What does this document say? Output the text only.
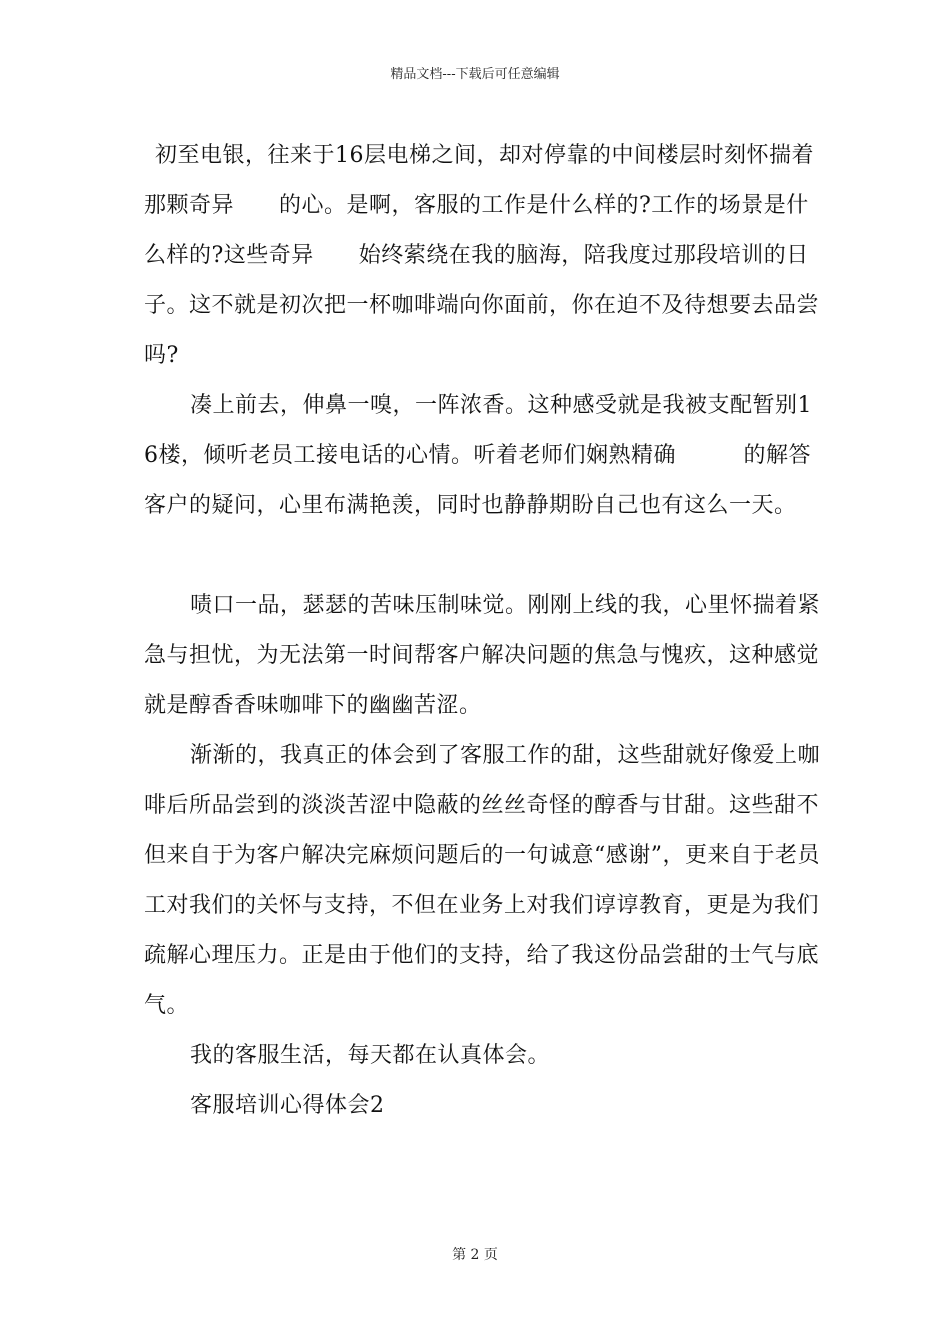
精品文档---下载后可任意编辑

初至电银，往来于16层电梯之间，却对停靠的中间楼层时刻怀揣着那颗奇异　　的心。是啊，客服的工作是什么样的?工作的场景是什么样的?这些奇异　　始终萦绕在我的脑海，陪我度过那段培训的日子。这不就是初次把一杯咖啡端向你面前，你在迫不及待想要去品尝吗?

凑上前去，伸鼻一嗅，一阵浓香。这种感受就是我被支配暂别16楼，倾听老员工接电话的心情。听着老师们娴熟精确　　　的解答客户的疑问，心里布满艳羡，同时也静静期盼自己也有这么一天。

啧口一品，瑟瑟的苦味压制味觉。刚刚上线的我，心里怀揣着紧急与担忧，为无法第一时间帮客户解决问题的焦急与愧疚，这种感觉就是醇香香味咖啡下的幽幽苦涩。

渐渐的，我真正的体会到了客服工作的甜，这些甜就好像爱上咖啡后所品尝到的淡淡苦涩中隐蔽的丝丝奇怪的醇香与甘甜。这些甜不但来自于为客户解决完麻烦问题后的一句诚意“感谢”，更来自于老员工对我们的关怀与支持，不但在业务上对我们谆谆教育，更是为我们疏解心理压力。正是由于他们的支持，给了我这份品尝甜的士气与底气。

我的客服生活，每天都在认真体会。

客服培训心得体会2

第 2 页
